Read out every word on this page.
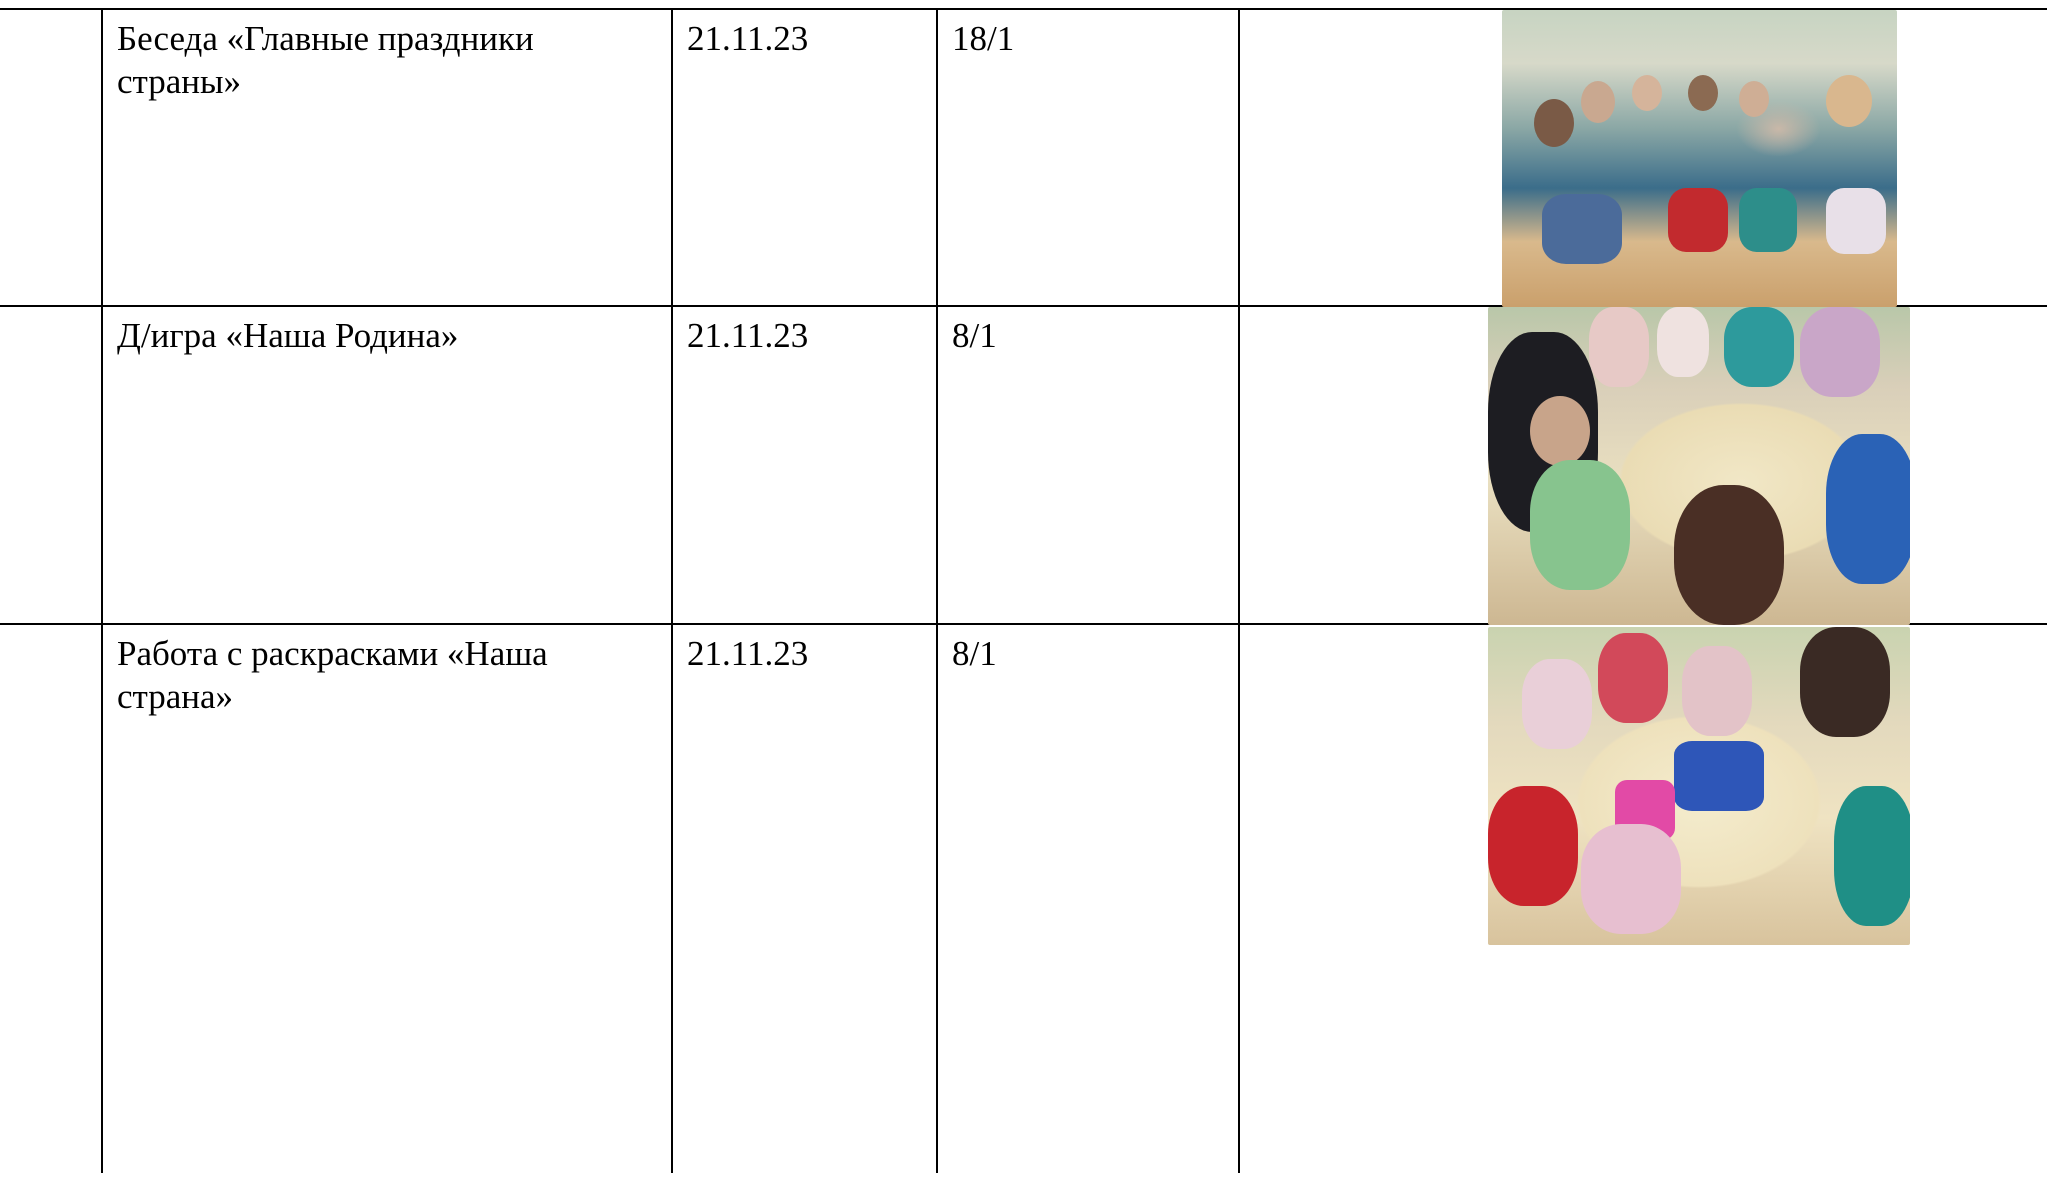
	Беседа «Главные праздники страны»	21.11.23	18/1	

	Д/игра «Наша Родина»	21.11.23	8/1	

	Работа с раскрасками «Наша страна»	21.11.23	8/1	
